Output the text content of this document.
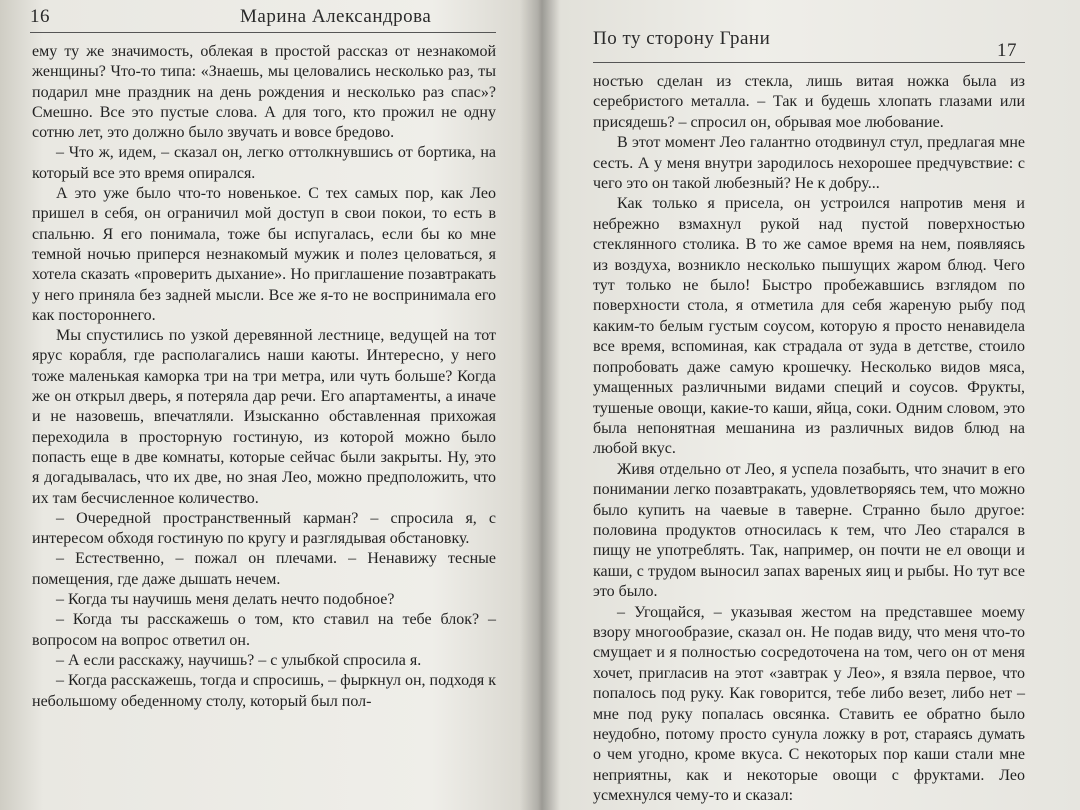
16	Марина Александрова

ему ту же значимость, облекая в простой рассказ от незнакомой женщины? Что-то типа: «Знаешь, мы целовались несколько раз, ты подарил мне праздник на день рождения и несколько раз спас»? Смешно. Все это пустые слова. А для того, кто прожил не одну сотню лет, это должно было звучать и вовсе бредово.

– Что ж, идем, – сказал он, легко оттолкнувшись от бортика, на который все это время опирался.

А это уже было что-то новенькое. С тех самых пор, как Лео пришел в себя, он ограничил мой доступ в свои покои, то есть в спальню. Я его понимала, тоже бы испугалась, если бы ко мне темной ночью приперся незнакомый мужик и полез целоваться, я хотела сказать «проверить дыхание». Но приглашение позавтракать у него приняла без задней мысли. Все же я-то не воспринимала его как постороннего.

Мы спустились по узкой деревянной лестнице, ведущей на тот ярус корабля, где располагались наши каюты. Интересно, у него тоже маленькая каморка три на три метра, или чуть больше? Когда же он открыл дверь, я потеряла дар речи. Его апартаменты, а иначе и не назовешь, впечатляли. Изысканно обставленная прихожая переходила в просторную гостиную, из которой можно было попасть еще в две комнаты, которые сейчас были закрыты. Ну, это я догадывалась, что их две, но зная Лео, можно предположить, что их там бесчисленное количество.

– Очередной пространственный карман? – спросила я, с интересом обходя гостиную по кругу и разглядывая обстановку.

– Естественно, – пожал он плечами. – Ненавижу тесные помещения, где даже дышать нечем.

– Когда ты научишь меня делать нечто подобное?

– Когда ты расскажешь о том, кто ставил на тебе блок? – вопросом на вопрос ответил он.

– А если расскажу, научишь? – с улыбкой спросила я.

– Когда расскажешь, тогда и спросишь, – фыркнул он, подходя к небольшому обеденному столу, который был пол-

По ту сторону Грани
17

ностью сделан из стекла, лишь витая ножка была из серебристого металла. – Так и будешь хлопать глазами или присядешь? – спросил он, обрывая мое любование.

В этот момент Лео галантно отодвинул стул, предлагая мне сесть. А у меня внутри зародилось нехорошее предчувствие: с чего это он такой любезный? Не к добру...

Как только я присела, он устроился напротив меня и небрежно взмахнул рукой над пустой поверхностью стеклянного столика. В то же самое время на нем, появляясь из воздуха, возникло несколько пышущих жаром блюд. Чего тут только не было! Быстро пробежавшись взглядом по поверхности стола, я отметила для себя жареную рыбу под каким-то белым густым соусом, которую я просто ненавидела все время, вспоминая, как страдала от зуда в детстве, стоило попробовать даже самую крошечку. Несколько видов мяса, умащенных различными видами специй и соусов. Фрукты, тушеные овощи, какие-то каши, яйца, соки. Одним словом, это была непонятная мешанина из различных видов блюд на любой вкус.

Живя отдельно от Лео, я успела позабыть, что значит в его понимании легко позавтракать, удовлетворяясь тем, что можно было купить на чаевые в таверне. Странно было другое: половина продуктов относилась к тем, что Лео старался в пищу не употреблять. Так, например, он почти не ел овощи и каши, с трудом выносил запах вареных яиц и рыбы. Но тут все это было.

– Угощайся, – указывая жестом на представшее моему взору многообразие, сказал он. Не подав виду, что меня что-то смущает и я полностью сосредоточена на том, чего он от меня хочет, пригласив на этот «завтрак у Лео», я взяла первое, что попалось под руку. Как говорится, тебе либо везет, либо нет – мне под руку попалась овсянка. Ставить ее обратно было неудобно, потому просто сунула ложку в рот, стараясь думать о чем угодно, кроме вкуса. С некоторых пор каши стали мне неприятны, как и некоторые овощи с фруктами. Лео усмехнулся чему-то и сказал:
